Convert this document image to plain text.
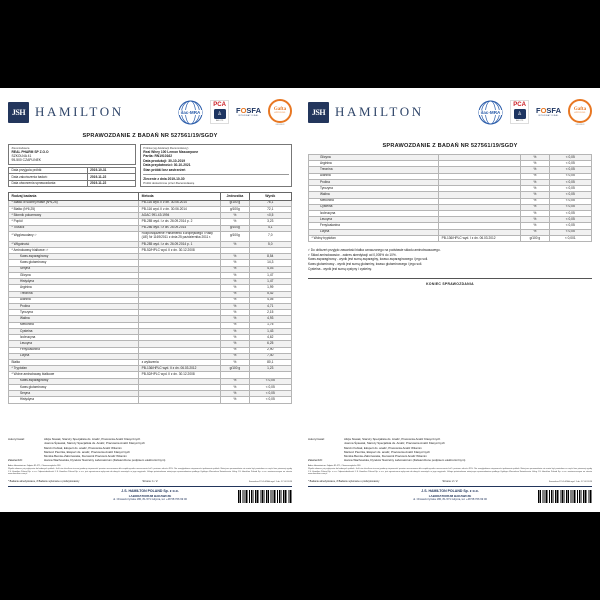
JSH HAMILTON	ilac-MRA
PCA
♙
AB 079
FOSFA
INTERNATIONAL
Gafta
APPROVED
MEMBER
SPRAWOZDANIE Z BADAŃ NR 527561/19/SGDY
Zleceniodawca
REAL PHARM SP Z.O.O
SZKOLNA 41
95-500 CZAPLINEK
Data przyjęcia próbki:	2019-10-31
Data zakończenia badań:	2019-11-22
Data utworzenia sprawozdania:	2019-11-22
Próbka (wg deklaracji Zleceniodawcy)
Real Whey 100 Lemon Mascarpone
Partia: RN1910162
Data produkcji: 30-10-2019
Data przydatności: 30-10-2021
Stan próbki bez zastrzeżeń
Zlecenie z dnia 2019-10-30
Próbki dostarczone przez Zleceniodawcę
Rodzaj badania	Metoda	Jednostka	Wynik
* Białko w suchej masie (N*6,25)	PB-116 wyd. II z dn. 30.06.2014	g/100 g	76,1
* Białko (N*6,25)	PB-116 wyd. II z dn. 30.06.2014	g/100g	72,1
* Błonnik pokarmowy	AOAC 991.43:1994	%	<0,5
* Popiół	PB-285 wyd. I z dn. 26.09.2014 p. 2	%	3,23
* Tłuszcz	PB-286 wyd. I z dn. 26.09.2014	g/100g	4,1
* Węglowodany ¹⁾	Rozporządzenie Parlamentu Europejskiego i Rady (UE) Nr 1169/2011 z dnia 25 października 2011 r.	g/100g	7,0
* Wilgotność	PB-285 wyd. I z dn. 26.09.2014 p. 1	%	5,0
* Aminokwasy białkowe: ²⁾	PB-52/HPLC wyd. II z dn. 30.12.2008		
Kwas asparaginowy		%	8,54
Kwas glutaminowy		%	14,3
Seryna		%	4,03
Glicyna		%	1,47
Histydyna		%	1,47
Arginina		%	1,99
Treonina		%	5,42
Alanina		%	4,05
Prolina		%	4,71
Tyrozyna		%	2,15
Walina		%	4,93
Metionina		%	1,75
Cysteina		%	1,43
Izoleucyna		%	4,62
Leucyna		%	6,25
Fenyloalanina		%	2,90
Lizyna		%	7,40
Białko	z wyliczenia	%	80,1
* Tryptofan	PB-136/HPLC wyd. II z dn. 06.03.2012	g/100 g	1,23
* Wolne aminokwasy białkowe	PB-52/HPLC wyd. II z dn. 30.12.2008		
Kwas asparaginowy		%	< 0,05
Kwas glutaminowy		%	< 0,05
Seryna		%	< 0,05
Histydyna		%	< 0,05
Autoryzował:	Alicja Nowak, Starszy Specjalista ds. Analiz, Pracownia Analiz Klasycznych
Joanna Śpiewak, Starszy Specjalista ds. Analiz, Pracownia Analiz Klasycznych
Marcin Kubiak, Ekspert ds. analiz, Pracownia Analiz Witamin
Mariusz Pieczka, Ekspert ds. analiz, Pracownia Analiz Klasycznych
Monika Bemke-Żabczewska, Kierownik Pracowni Analiz Witamin
Zatwierdził:	Hanna Wachowska, Dyrektor Naczelny Laboratorium (Zatwierdzone podpisem elektronicznym)
Adres laboratorium: Gdynia 81-571, Chwaszczyńska 180
Wyniki odnoszą się wyłącznie do badanych próbek. Jeśli nie określono inaczej podaną niepewność pomiaru oszacowano dla współczynnika rozszerzenia k=2 i poziomu ufności 95%. Nie uwzględniono niepewności pobierania próbek. Niniejsze sprawozdanie nie może być powielane w części bez pisemnej zgody J.S. Hamilton Poland Sp. z o.o. Odpowiedzialność J.S. Hamilton Poland Sp. z o.o. jest ograniczona wyłącznie do danych zawartych w jego oryginale. Usługa potwierdzona niniejszym sprawozdaniem podlega Ogólnym Warunkom Świadczenia Usług J.S. Hamilton Poland Sp. z o.o. zamieszczonym na stronie www.hamilton.com.pl
* Badanie akredytowane, # Badanie wykonane u podwykonawcy	Strona: 1 / 2	Formularz PO-14/08d wyd. 1 dn. 27.02.2019
J.S. HAMILTON POLAND Sp. z o.o.
LABORATORIUM BADAWCZE
ul. Chwaszczyńska 180, 81-571 Gdynia, tel. +48 58 766 99 00
JSH HAMILTON	ilac-MRA
PCA
♙
AB 079
FOSFA
INTERNATIONAL
Gafta
APPROVED
MEMBER
SPRAWOZDANIE Z BADAŃ NR 527561/19/SGDY
Glicyna		%	< 0,05
Arginina		%	< 0,05
Treonina		%	< 0,05
Alanina		%	< 0,05
Prolina		%	< 0,05
Tyrozyna		%	< 0,05
Walina		%	< 0,05
Metionina		%	< 0,05
Cysteina		%	< 0,05
Izoleucyna		%	< 0,05
Leucyna		%	< 0,05
Fenyloalanina		%	< 0,05
Lizyna		%	< 0,05
* Wolny tryptofan	PB-136/HPLC wyd. I z dn. 06.03.2012	g/100 g	< 0,001

¹⁾ Do obliczeń przyjęto zawartość białka oznaczonego na podstawie składu aminokwasowego.

²⁾ Skład aminokwasów - zakres akredytacji od 0,005% do 10%.

Kwas asparaginowy - wynik jest sumą asparaginy, kwasu asparaginowego i jego soli.

Kwas glutaminowy - wynik jest sumą glutaminy, kwasu glutaminowego i jego soli.

Cysteina - wynik jest sumą cystyny i cysteiny.

KONIEC SPRAWOZDANIA
Autoryzował:	Alicja Nowak, Starszy Specjalista ds. Analiz, Pracownia Analiz Klasycznych
Joanna Śpiewak, Starszy Specjalista ds. Analiz, Pracownia Analiz Klasycznych
Marcin Kubiak, Ekspert ds. analiz, Pracownia Analiz Witamin
Mariusz Pieczka, Ekspert ds. analiz, Pracownia Analiz Klasycznych
Monika Bemke-Żabczewska, Kierownik Pracowni Analiz Witamin
Zatwierdził:	Hanna Wachowska, Dyrektor Naczelny Laboratorium (Zatwierdzone podpisem elektronicznym)
Adres laboratorium: Gdynia 81-571, Chwaszczyńska 180
Wyniki odnoszą się wyłącznie do badanych próbek. Jeśli nie określono inaczej podaną niepewność pomiaru oszacowano dla współczynnika rozszerzenia k=2 i poziomu ufności 95%. Nie uwzględniono niepewności pobierania próbek. Niniejsze sprawozdanie nie może być powielane w części bez pisemnej zgody J.S. Hamilton Poland Sp. z o.o. Odpowiedzialność J.S. Hamilton Poland Sp. z o.o. jest ograniczona wyłącznie do danych zawartych w jego oryginale. Usługa potwierdzona niniejszym sprawozdaniem podlega Ogólnym Warunkom Świadczenia Usług J.S. Hamilton Poland Sp. z o.o. zamieszczonym na stronie www.hamilton.com.pl
* Badanie akredytowane, # Badanie wykonane u podwykonawcy	Strona: 2 / 2	Formularz PO-14/08d wyd. 1 dn. 27.02.2019
J.S. HAMILTON POLAND Sp. z o.o.
LABORATORIUM BADAWCZE
ul. Chwaszczyńska 180, 81-571 Gdynia, tel. +48 58 766 99 00
